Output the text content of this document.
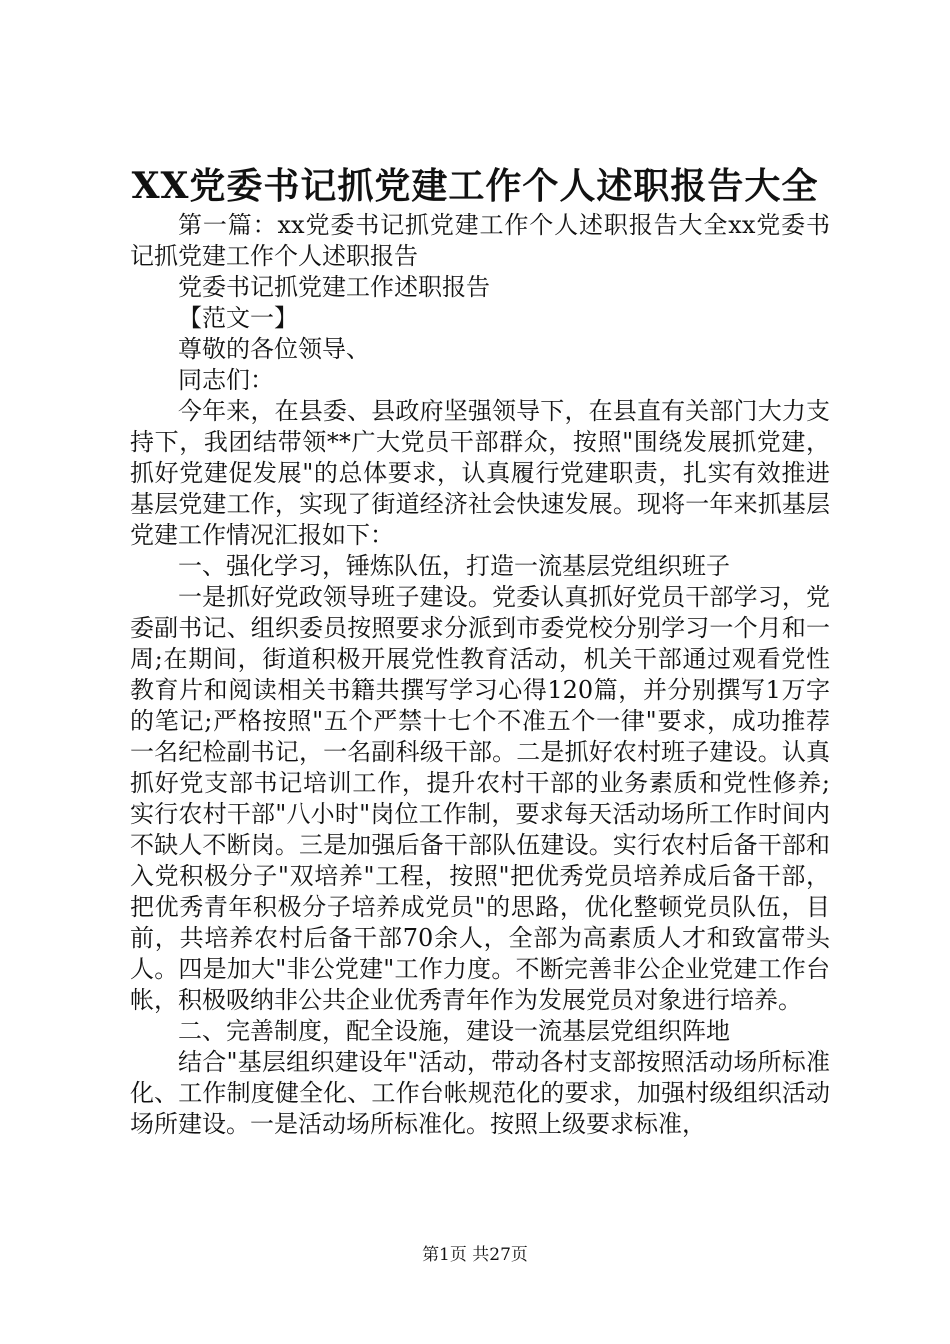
XX党委书记抓党建工作个人述职报告大全

第一篇：xx党委书记抓党建工作个人述职报告大全xx党委书记抓党建工作个人述职报告

党委书记抓党建工作述职报告

【范文一】

尊敬的各位领导、

同志们：

今年来，在县委、县政府坚强领导下，在县直有关部门大力支持下，我团结带领**广大党员干部群众，按照"围绕发展抓党建，抓好党建促发展"的总体要求，认真履行党建职责，扎实有效推进基层党建工作，实现了街道经济社会快速发展。现将一年来抓基层党建工作情况汇报如下：

一、强化学习，锤炼队伍，打造一流基层党组织班子

一是抓好党政领导班子建设。党委认真抓好党员干部学习，党委副书记、组织委员按照要求分派到市委党校分别学习一个月和一周;在期间，街道积极开展党性教育活动，机关干部通过观看党性教育片和阅读相关书籍共撰写学习心得120篇，并分别撰写1万字的笔记;严格按照"五个严禁十七个不准五个一律"要求，成功推荐一名纪检副书记，一名副科级干部。二是抓好农村班子建设。认真抓好党支部书记培训工作，提升农村干部的业务素质和党性修养;实行农村干部"八小时"岗位工作制，要求每天活动场所工作时间内不缺人不断岗。三是加强后备干部队伍建设。实行农村后备干部和入党积极分子"双培养"工程，按照"把优秀党员培养成后备干部，把优秀青年积极分子培养成党员"的思路，优化整顿党员队伍，目前，共培养农村后备干部70余人，全部为高素质人才和致富带头人。四是加大"非公党建"工作力度。不断完善非公企业党建工作台帐，积极吸纳非公共企业优秀青年作为发展党员对象进行培养。

二、完善制度，配全设施，建设一流基层党组织阵地

结合"基层组织建设年"活动，带动各村支部按照活动场所标准化、工作制度健全化、工作台帐规范化的要求，加强村级组织活动场所建设。一是活动场所标准化。按照上级要求标准，

第1页 共27页
